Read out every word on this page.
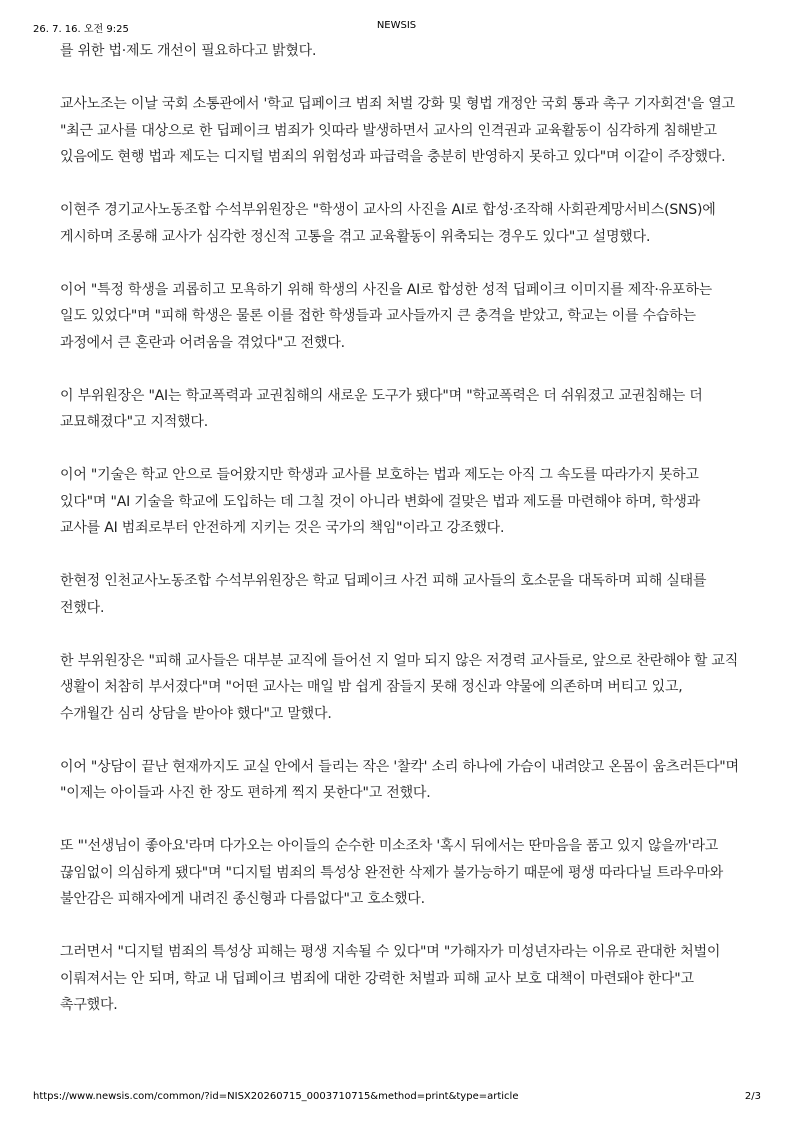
26. 7. 16. 오전 9:25	NEWSIS

를 위한 법·제도 개선이 필요하다고 밝혔다.

교사노조는 이날 국회 소통관에서 '학교 딥페이크 범죄 처벌 강화 및 형법 개정안 국회 통과 촉구 기자회견'을 열고 "최근 교사를 대상으로 한 딥페이크 범죄가 잇따라 발생하면서 교사의 인격권과 교육활동이 심각하게 침해받고 있음에도 현행 법과 제도는 디지털 범죄의 위험성과 파급력을 충분히 반영하지 못하고 있다"며 이같이 주장했다.

이현주 경기교사노동조합 수석부위원장은 "학생이 교사의 사진을 AI로 합성·조작해 사회관계망서비스(SNS)에 게시하며 조롱해 교사가 심각한 정신적 고통을 겪고 교육활동이 위축되는 경우도 있다"고 설명했다.

이어 "특정 학생을 괴롭히고 모욕하기 위해 학생의 사진을 AI로 합성한 성적 딥페이크 이미지를 제작·유포하는 일도 있었다"며 "피해 학생은 물론 이를 접한 학생들과 교사들까지 큰 충격을 받았고, 학교는 이를 수습하는 과정에서 큰 혼란과 어려움을 겪었다"고 전했다.

이 부위원장은 "AI는 학교폭력과 교권침해의 새로운 도구가 됐다"며 "학교폭력은 더 쉬워졌고 교권침해는 더 교묘해졌다"고 지적했다.

이어 "기술은 학교 안으로 들어왔지만 학생과 교사를 보호하는 법과 제도는 아직 그 속도를 따라가지 못하고 있다"며 "AI 기술을 학교에 도입하는 데 그칠 것이 아니라 변화에 걸맞은 법과 제도를 마련해야 하며, 학생과 교사를 AI 범죄로부터 안전하게 지키는 것은 국가의 책임"이라고 강조했다.

한현정 인천교사노동조합 수석부위원장은 학교 딥페이크 사건 피해 교사들의 호소문을 대독하며 피해 실태를 전했다.

한 부위원장은 "피해 교사들은 대부분 교직에 들어선 지 얼마 되지 않은 저경력 교사들로, 앞으로 찬란해야 할 교직 생활이 처참히 부서졌다"며 "어떤 교사는 매일 밤 쉽게 잠들지 못해 정신과 약물에 의존하며 버티고 있고, 수개월간 심리 상담을 받아야 했다"고 말했다.

이어 "상담이 끝난 현재까지도 교실 안에서 들리는 작은 '찰칵' 소리 하나에 가슴이 내려앉고 온몸이 움츠러든다"며 "이제는 아이들과 사진 한 장도 편하게 찍지 못한다"고 전했다.

또 "'선생님이 좋아요'라며 다가오는 아이들의 순수한 미소조차 '혹시 뒤에서는 딴마음을 품고 있지 않을까'라고 끊임없이 의심하게 됐다"며 "디지털 범죄의 특성상 완전한 삭제가 불가능하기 때문에 평생 따라다닐 트라우마와 불안감은 피해자에게 내려진 종신형과 다름없다"고 호소했다.

그러면서 "디지털 범죄의 특성상 피해는 평생 지속될 수 있다"며 "가해자가 미성년자라는 이유로 관대한 처벌이 이뤄져서는 안 되며, 학교 내 딥페이크 범죄에 대한 강력한 처벌과 피해 교사 보호 대책이 마련돼야 한다"고 촉구했다.

https://www.newsis.com/common/?id=NISX20260715_0003710715&method=print&type=article	2/3
